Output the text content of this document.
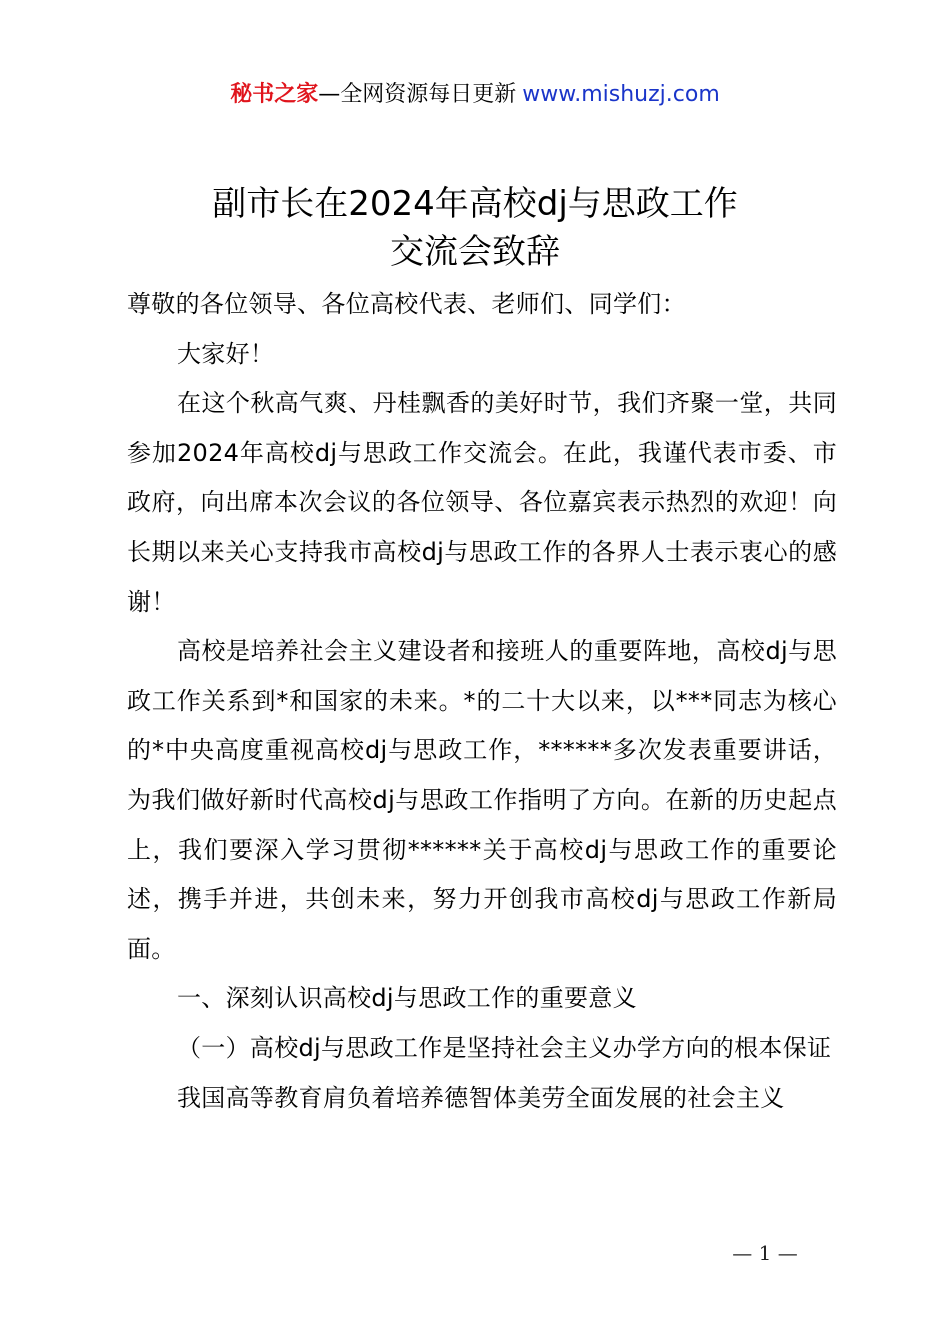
秘书之家—全网资源每日更新 www.mishuzj.com
副市长在2024年高校dj与思政工作
交流会致辞

尊敬的各位领导、各位高校代表、老师们、同学们：

大家好！

在这个秋高气爽、丹桂飘香的美好时节，我们齐聚一堂，共同参加2024年高校dj与思政工作交流会。在此，我谨代表市委、市政府，向出席本次会议的各位领导、各位嘉宾表示热烈的欢迎！向长期以来关心支持我市高校dj与思政工作的各界人士表示衷心的感谢！

高校是培养社会主义建设者和接班人的重要阵地，高校dj与思政工作关系到*和国家的未来。*的二十大以来，以***同志为核心的*中央高度重视高校dj与思政工作，******多次发表重要讲话，为我们做好新时代高校dj与思政工作指明了方向。在新的历史起点上，我们要深入学习贯彻******关于高校dj与思政工作的重要论述，携手并进，共创未来，努力开创我市高校dj与思政工作新局面。

一、深刻认识高校dj与思政工作的重要意义

（一）高校dj与思政工作是坚持社会主义办学方向的根本保证

我国高等教育肩负着培养德智体美劳全面发展的社会主义

— 1 —
